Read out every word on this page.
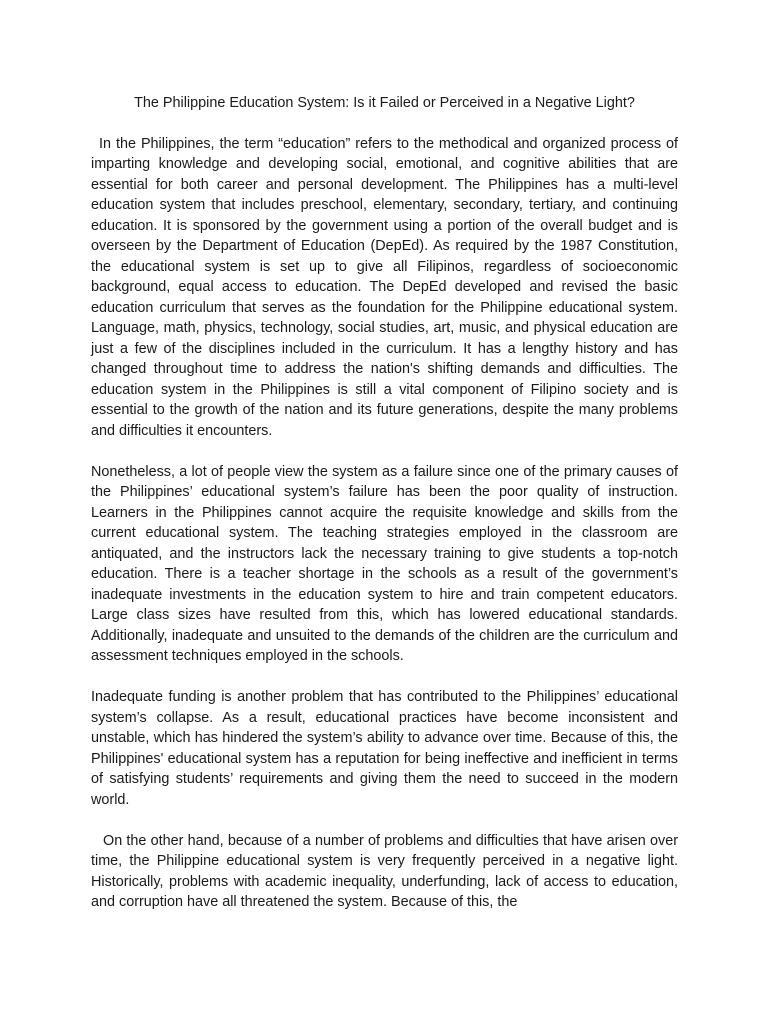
The Philippine Education System: Is it Failed or Perceived in a Negative Light?

In the Philippines, the term “education” refers to the methodical and organized process of imparting knowledge and developing social, emotional, and cognitive abilities that are essential for both career and personal development. The Philippines has a multi-level education system that includes preschool, elementary, secondary, tertiary, and continuing education. It is sponsored by the government using a portion of the overall budget and is overseen by the Department of Education (DepEd). As required by the 1987 Constitution, the educational system is set up to give all Filipinos, regardless of socioeconomic background, equal access to education. The DepEd developed and revised the basic education curriculum that serves as the foundation for the Philippine educational system. Language, math, physics, technology, social studies, art, music, and physical education are just a few of the disciplines included in the curriculum. It has a lengthy history and has changed throughout time to address the nation's shifting demands and difficulties. The education system in the Philippines is still a vital component of Filipino society and is essential to the growth of the nation and its future generations, despite the many problems and difficulties it encounters.

Nonetheless, a lot of people view the system as a failure since one of the primary causes of the Philippines’ educational system’s failure has been the poor quality of instruction. Learners in the Philippines cannot acquire the requisite knowledge and skills from the current educational system. The teaching strategies employed in the classroom are antiquated, and the instructors lack the necessary training to give students a top-notch education. There is a teacher shortage in the schools as a result of the government’s inadequate investments in the education system to hire and train competent educators. Large class sizes have resulted from this, which has lowered educational standards. Additionally, inadequate and unsuited to the demands of the children are the curriculum and assessment techniques employed in the schools.

Inadequate funding is another problem that has contributed to the Philippines’ educational system’s collapse. As a result, educational practices have become inconsistent and unstable, which has hindered the system’s ability to advance over time. Because of this, the Philippines' educational system has a reputation for being ineffective and inefficient in terms of satisfying students’ requirements and giving them the need to succeed in the modern world.

On the other hand, because of a number of problems and difficulties that have arisen over time, the Philippine educational system is very frequently perceived in a negative light. Historically, problems with academic inequality, underfunding, lack of access to education, and corruption have all threatened the system. Because of this, the
